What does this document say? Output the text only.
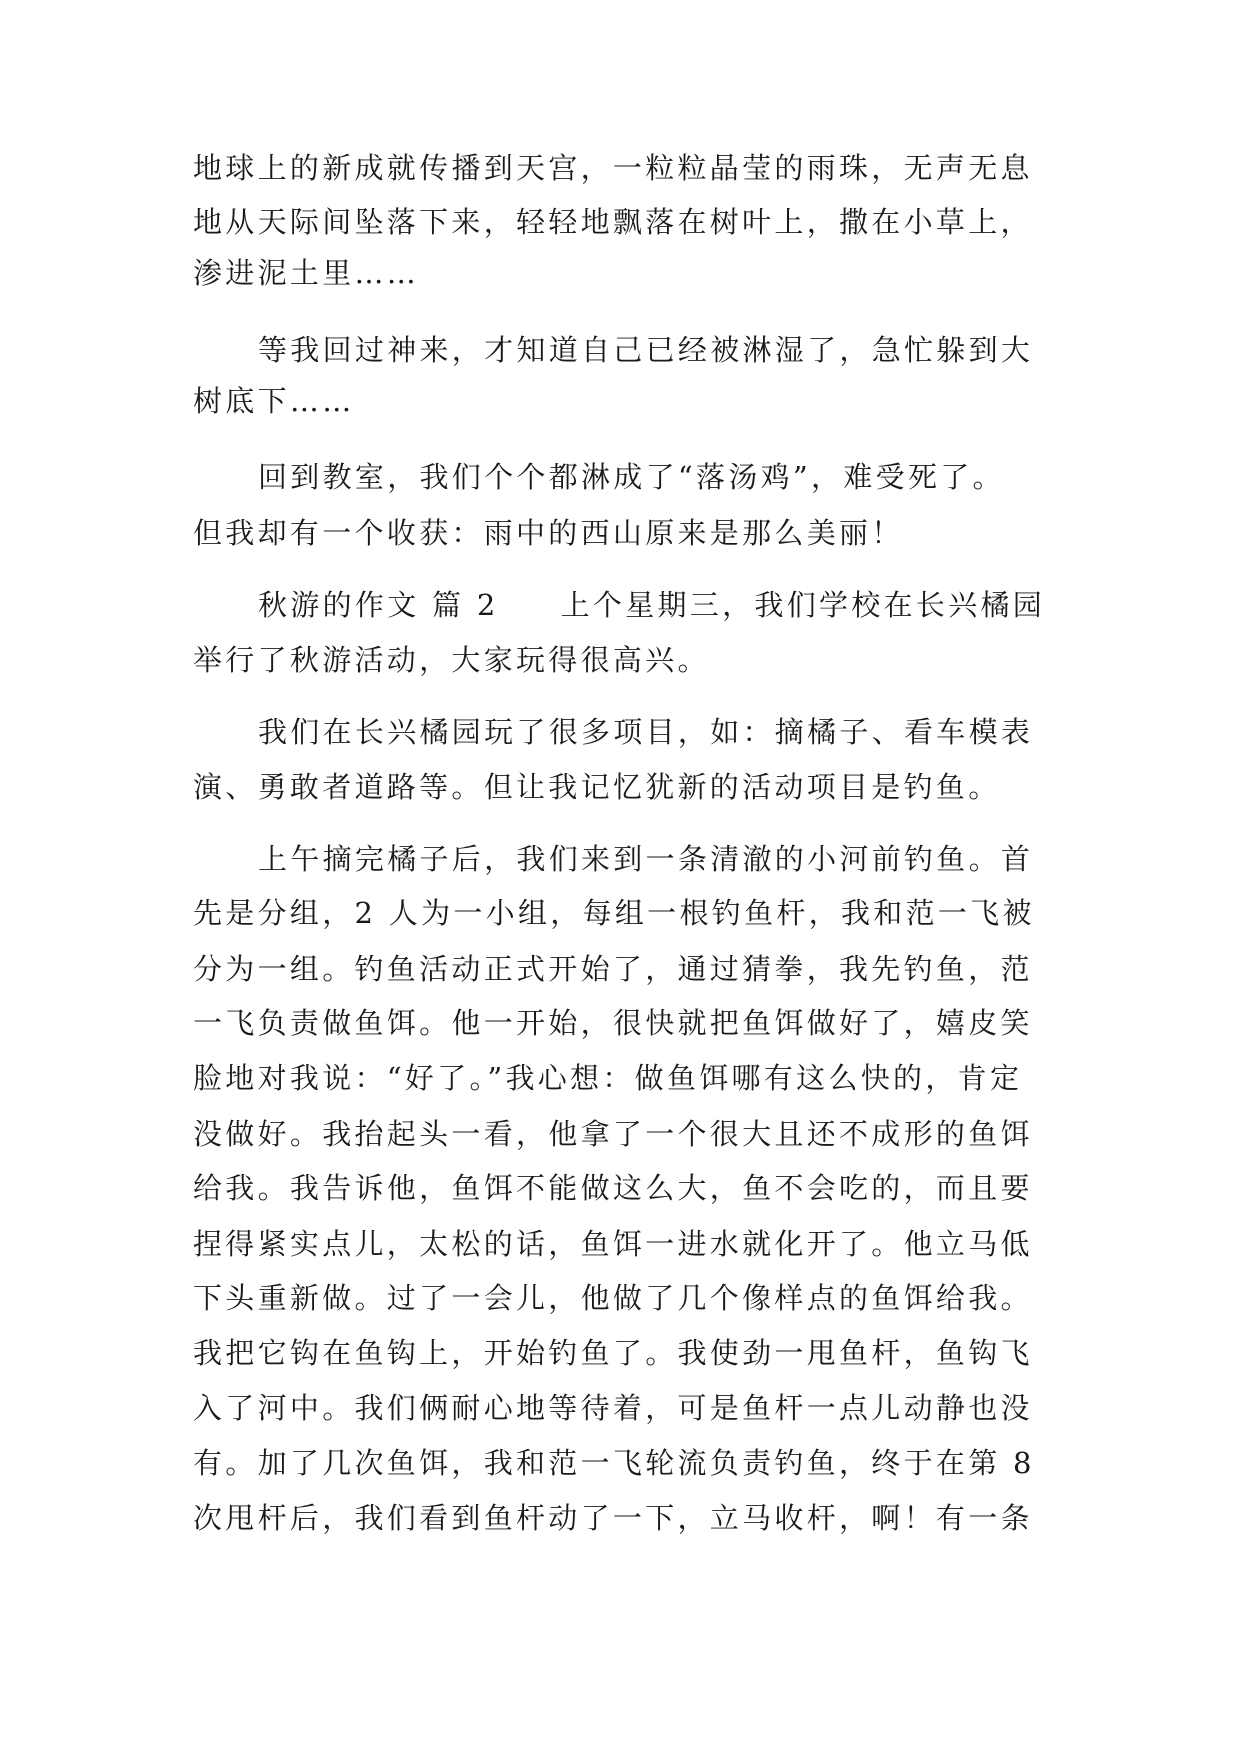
地球上的新成就传播到天宫，一粒粒晶莹的雨珠，无声无息
地从天际间坠落下来，轻轻地飘落在树叶上，撒在小草上，
渗进泥土里……
等我回过神来，才知道自己已经被淋湿了，急忙躲到大
树底下……
回到教室，我们个个都淋成了“落汤鸡”，难受死了。
但我却有一个收获：雨中的西山原来是那么美丽！
秋游的作文 篇 2 上个星期三，我们学校在长兴橘园
举行了秋游活动，大家玩得很高兴。
我们在长兴橘园玩了很多项目，如：摘橘子、看车模表
演、勇敢者道路等。但让我记忆犹新的活动项目是钓鱼。
上午摘完橘子后，我们来到一条清澈的小河前钓鱼。首
先是分组，2 人为一小组，每组一根钓鱼杆，我和范一飞被
分为一组。钓鱼活动正式开始了，通过猜拳，我先钓鱼，范
一飞负责做鱼饵。他一开始，很快就把鱼饵做好了，嬉皮笑
脸地对我说：“好了。”我心想：做鱼饵哪有这么快的，肯定
没做好。我抬起头一看，他拿了一个很大且还不成形的鱼饵
给我。我告诉他，鱼饵不能做这么大，鱼不会吃的，而且要
捏得紧实点儿，太松的话，鱼饵一进水就化开了。他立马低
下头重新做。过了一会儿，他做了几个像样点的鱼饵给我。
我把它钩在鱼钩上，开始钓鱼了。我使劲一甩鱼杆，鱼钩飞
入了河中。我们俩耐心地等待着，可是鱼杆一点儿动静也没
有。加了几次鱼饵，我和范一飞轮流负责钓鱼，终于在第 8
次甩杆后，我们看到鱼杆动了一下，立马收杆，啊！有一条
